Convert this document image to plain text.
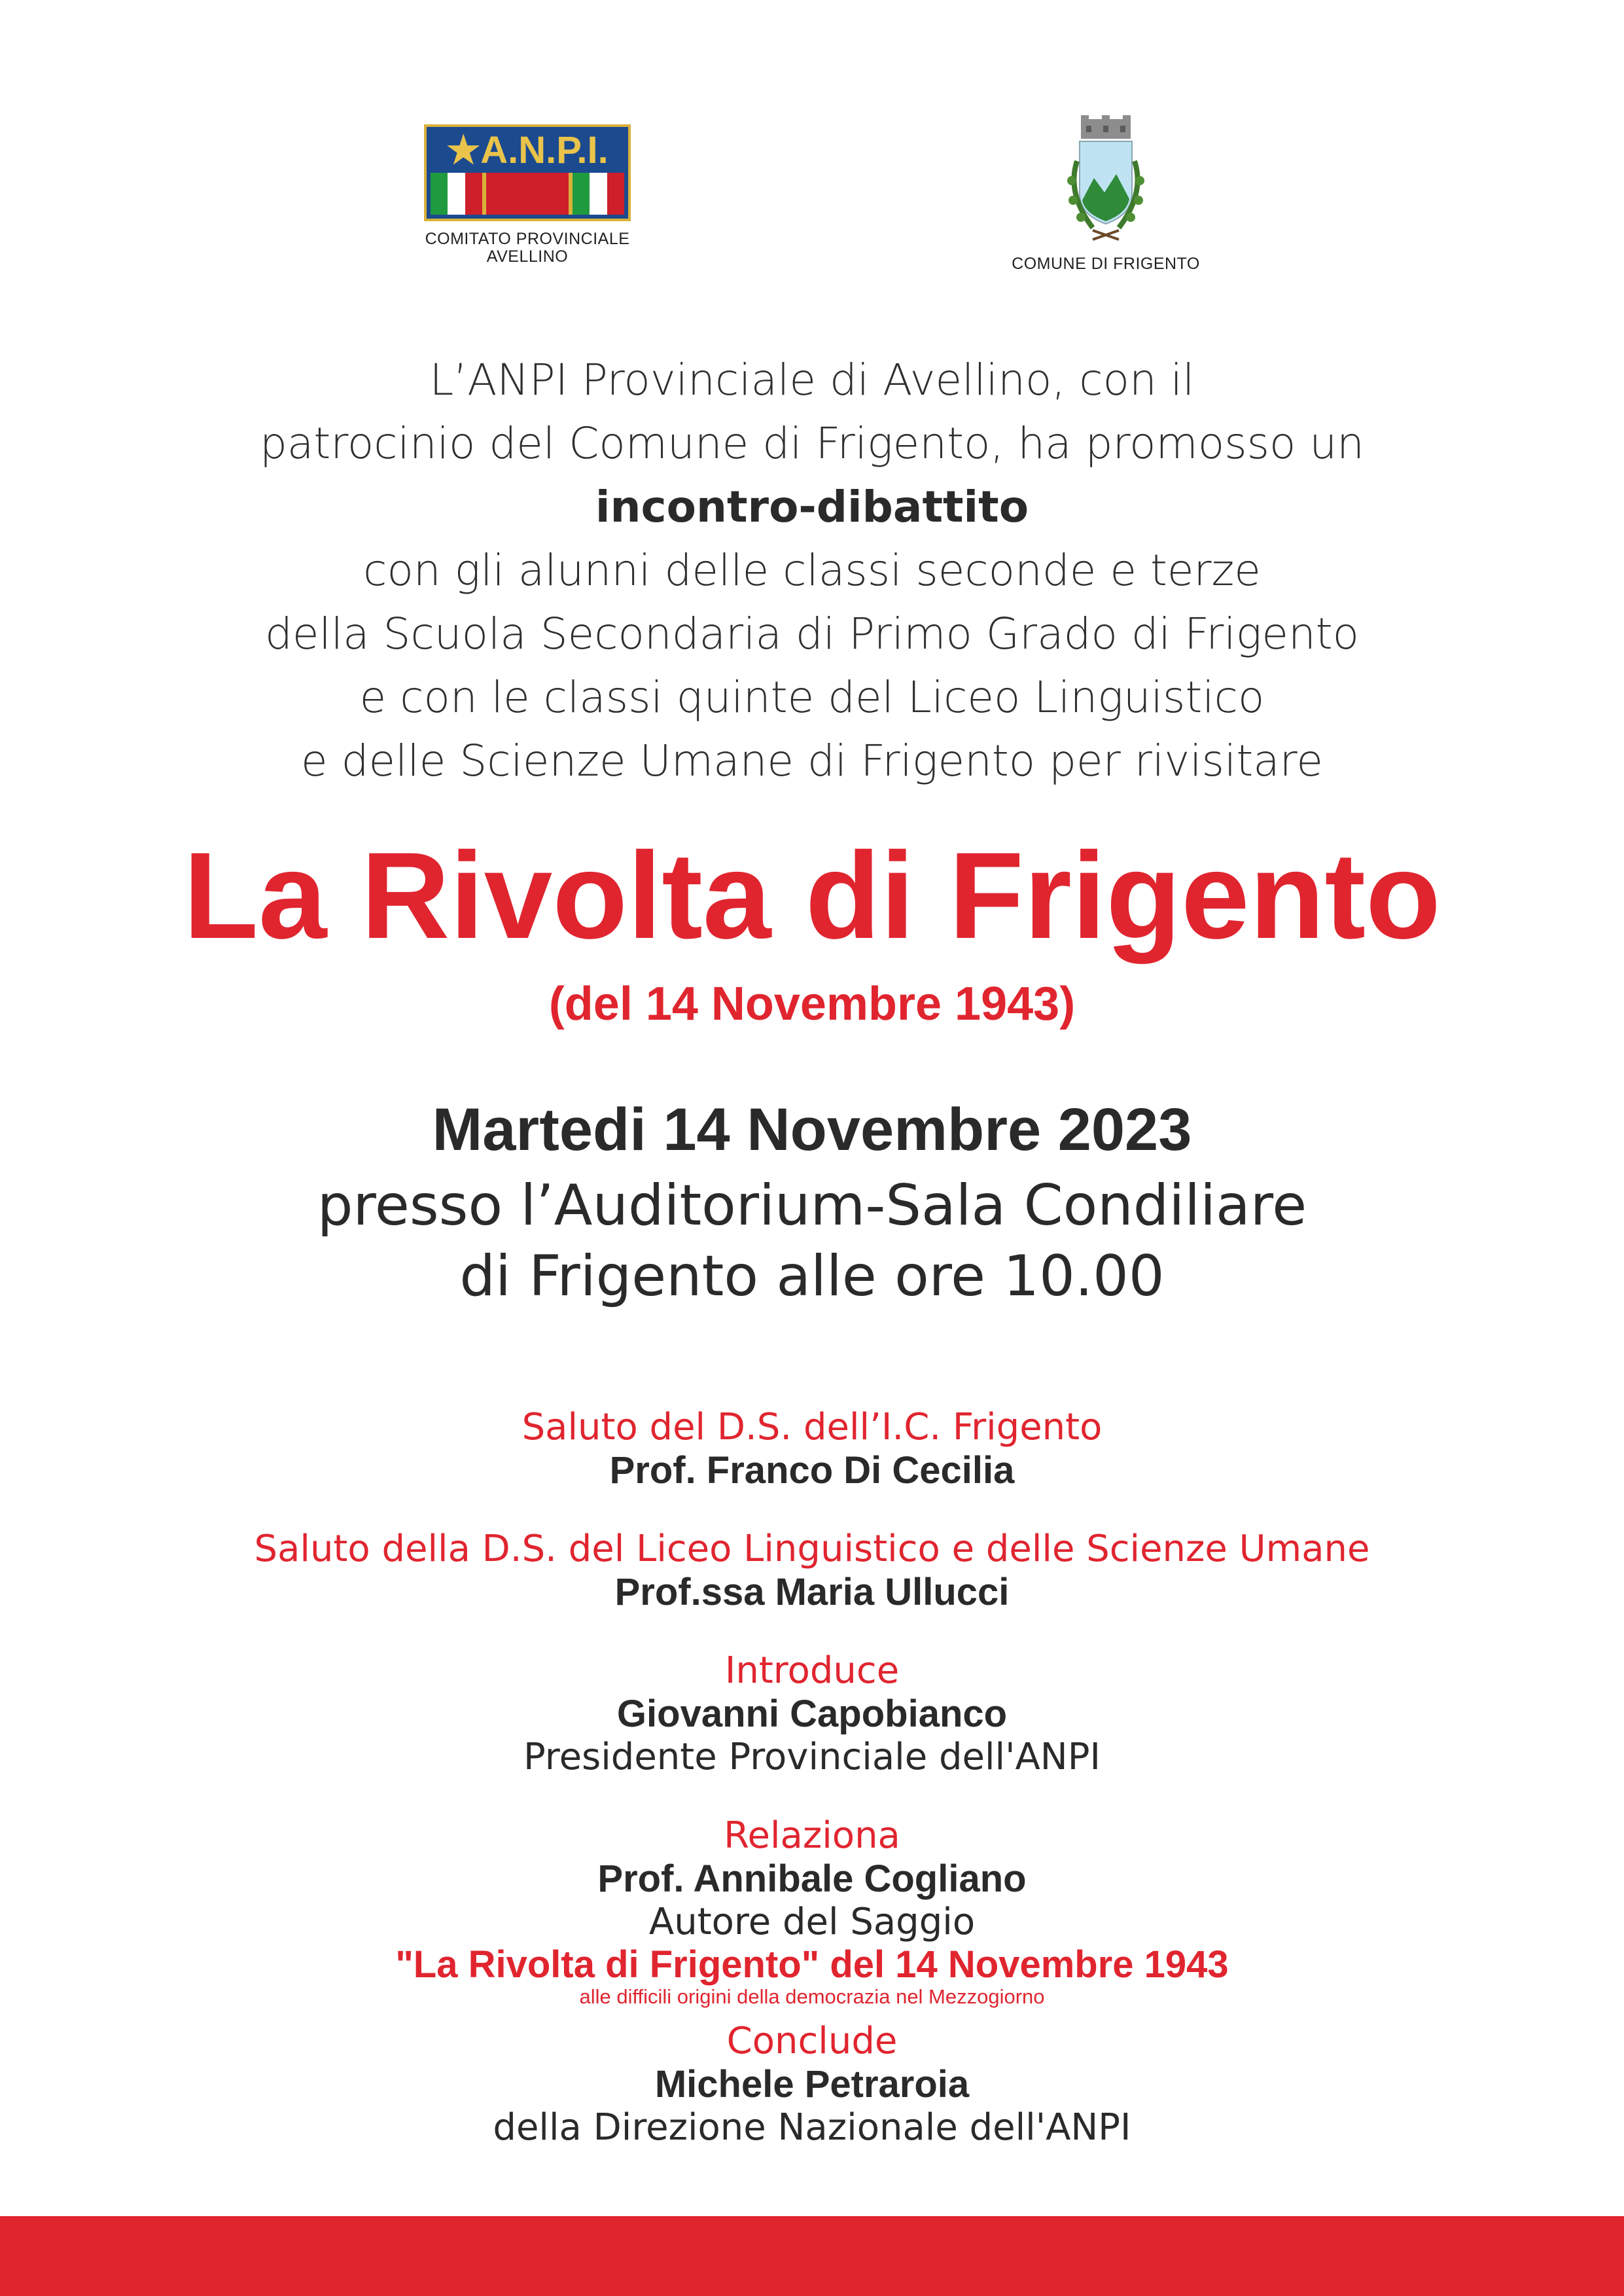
★A.N.P.I.
COMITATO PROVINCIALE
AVELLINO	COMUNE DI FRIGENTO
L’ANPI Provinciale di Avellino, con il
patrocinio del Comune di Frigento, ha promosso un
incontro-dibattito
con gli alunni delle classi seconde e terze
della Scuola Secondaria di Primo Grado di Frigento
e con le classi quinte del Liceo Linguistico
e delle Scienze Umane di Frigento per rivisitare
La Rivolta di Frigento
(del 14 Novembre 1943)
Martedi 14 Novembre 2023
presso l’Auditorium-Sala Condiliare
di Frigento alle ore 10.00
Saluto del D.S. dell’I.C. Frigento
Prof. Franco Di Cecilia
Saluto della D.S. del Liceo Linguistico e delle Scienze Umane
Prof.ssa Maria Ullucci
Introduce
Giovanni Capobianco
Presidente Provinciale dell'ANPI
Relaziona
Prof. Annibale Cogliano
Autore del Saggio
"La Rivolta di Frigento" del 14 Novembre 1943
alle difficili origini della democrazia nel Mezzogiorno
Conclude
Michele Petraroia
della Direzione Nazionale dell'ANPI
